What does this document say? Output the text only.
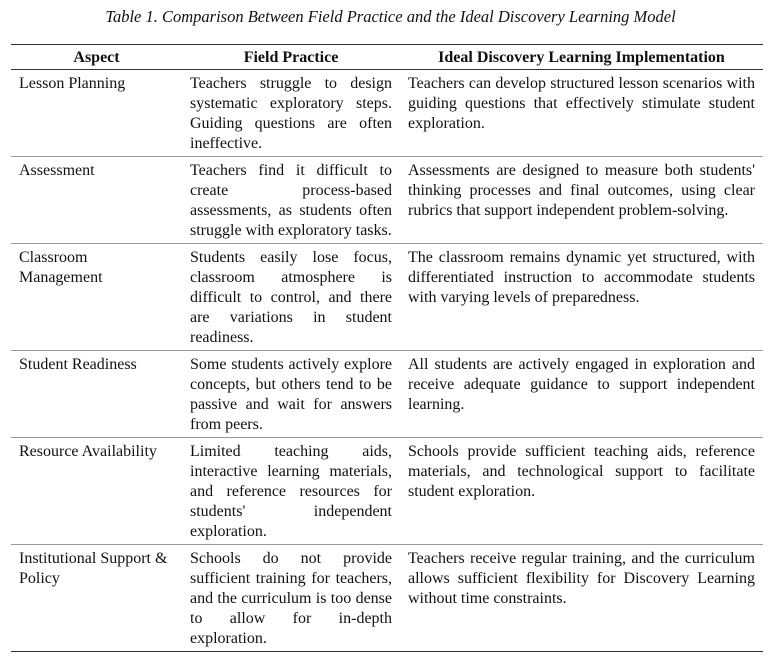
Table 1. Comparison Between Field Practice and the Ideal Discovery Learning Model
Aspect	Field Practice	Ideal Discovery Learning Implementation
Lesson Planning	Teachers struggle to design systematic exploratory steps. Guiding questions are often ineffective.	Teachers can develop structured lesson scenarios with guiding questions that effectively stimulate student exploration.
Assessment	Teachers find it difficult to create process-based assessments, as students often struggle with exploratory tasks.	Assessments are designed to measure both students' thinking processes and final outcomes, using clear rubrics that support independent problem-solving.
Classroom Management	Students easily lose focus, classroom atmosphere is difficult to control, and there are variations in student readiness.	The classroom remains dynamic yet structured, with differentiated instruction to accommodate students with varying levels of preparedness.
Student Readiness	Some students actively explore concepts, but others tend to be passive and wait for answers from peers.	All students are actively engaged in exploration and receive adequate guidance to support independent learning.
Resource Availability	Limited teaching aids, interactive learning materials, and reference resources for students' independent exploration.	Schools provide sufficient teaching aids, reference materials, and technological support to facilitate student exploration.
Institutional Support & Policy	Schools do not provide sufficient training for teachers, and the curriculum is too dense to allow for in-depth exploration.	Teachers receive regular training, and the curriculum allows sufficient flexibility for Discovery Learning without time constraints.
